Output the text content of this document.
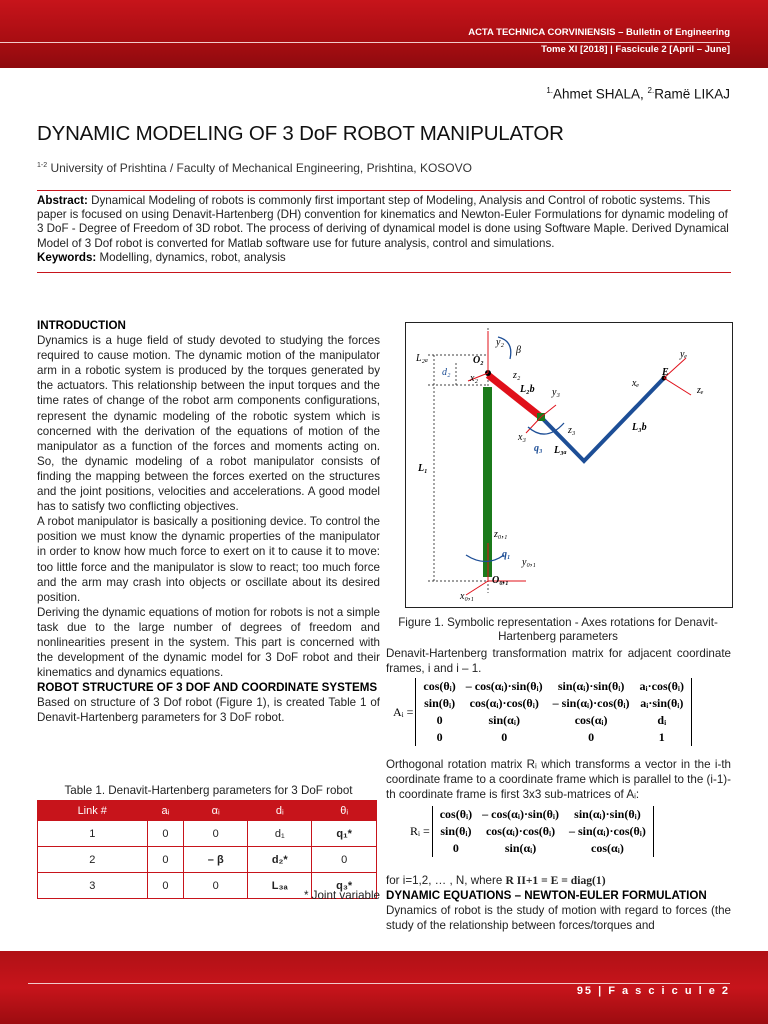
ACTA TECHNICA CORVINIENSIS – Bulletin of Engineering
Tome XI [2018] | Fascicule 2 [April – June]
$^{1.}$Ahmet SHALA, $^{2.}$Ramë LIKAJ
DYNAMIC MODELING OF 3 DoF ROBOT MANIPULATOR
$^{1-2}$ University of Prishtina / Faculty of Mechanical Engineering, Prishtina, KOSOVO
Abstract: Dynamical Modeling of robots is commonly first important step of Modeling, Analysis and Control of robotic systems. This paper is focused on using Denavit-Hartenberg (DH) convention for kinematics and Newton-Euler Formulations for dynamic modeling of 3 DoF - Degree of Freedom of 3D robot. The process of deriving of dynamical model is done using Software Maple. Derived Dynamical Model of 3 Dof robot is converted for Matlab software use for future analysis, control and simulations.
Keywords: Modelling, dynamics, robot, analysis
INTRODUCTION

Dynamics is a huge field of study devoted to studying the forces required to cause motion. The dynamic motion of the manipulator arm in a robotic system is produced by the torques generated by the actuators. This relationship between the input torques and the time rates of change of the robot arm components configurations, represent the dynamic modeling of the robotic system which is concerned with the derivation of the equations of motion of the manipulator as a function of the forces and moments acting on. So, the dynamic modeling of a robot manipulator consists of finding the mapping between the forces exerted on the structures and the joint positions, velocities and accelerations. A good model has to satisfy two conflicting objectives.

A robot manipulator is basically a positioning device. To control the position we must know the dynamic properties of the manipulator in order to know how much force to exert on it to cause it to move: too little force and the manipulator is slow to react; too much force and the arm may crash into objects or oscillate about its desired position.

Deriving the dynamic equations of motion for robots is not a simple task due to the large number of degrees of freedom and nonlinearities present in the system. This part is concerned with the development of the dynamic model for 3 DoF robot and their kinematics and dynamics equations.

ROBOT STRUCTURE OF 3 DOF AND COORDINATE SYSTEMS

Based on structure of 3 Dof robot (Figure 1), is created Table 1 of Denavit-Hartenberg parameters for 3 DoF robot.

Table 1. Denavit-Hartenberg parameters for 3 DoF robot
Link #	aᵢ	αᵢ	dᵢ	θᵢ
1	0	0	d₁	q₁*
2	0	– β	d₂*	0
3	0	0	L₃ₐ	q₃*
* Joint variable
L₂ₐ
d₂
O₂
y₂
β
z₂
x₂
L₂b y₃
x₃
z₃
q₃ L₃ₐ
L₃b
yₑ
E
xₑ
zₑ
L₁
z₀,₁
q₁
y₀,₁
O₀,₁
x₀,₁
Figure 1. Symbolic representation - Axes rotations for Denavit-Hartenberg parameters

Denavit-Hartenberg transformation matrix for adjacent coordinate frames, i and i – 1.

Aᵢ =		cos(θᵢ)	– cos(αᵢ)·sin(θᵢ)	sin(αᵢ)·sin(θᵢ)	aᵢ·cos(θᵢ)	
		sin(θᵢ)	cos(αᵢ)·cos(θᵢ)	– sin(αᵢ)·cos(θᵢ)	aᵢ·sin(θᵢ)	
		0	sin(αᵢ)	cos(αᵢ)	dᵢ	
		0	0	0	1	

Orthogonal rotation matrix Rᵢ which transforms a vector in the i-th coordinate frame to a coordinate frame which is parallel to the (i-1)-th coordinate frame is first 3x3 sub-matrices of Aᵢ:

Rᵢ =		cos(θᵢ)	– cos(αᵢ)·sin(θᵢ)	sin(αᵢ)·sin(θᵢ)	
		sin(θᵢ)	cos(αᵢ)·cos(θᵢ)	– sin(αᵢ)·cos(θᵢ)	
		0	sin(αᵢ)	cos(αᵢ)	

for i=1,2, … , N, where R II+1 = E = diag(1)

DYNAMIC EQUATIONS – NEWTON-EULER FORMULATION

Dynamics of robot is the study of motion with regard to forces (the study of the relationship between forces/torques and

95 | F a s c i c u l e 2
